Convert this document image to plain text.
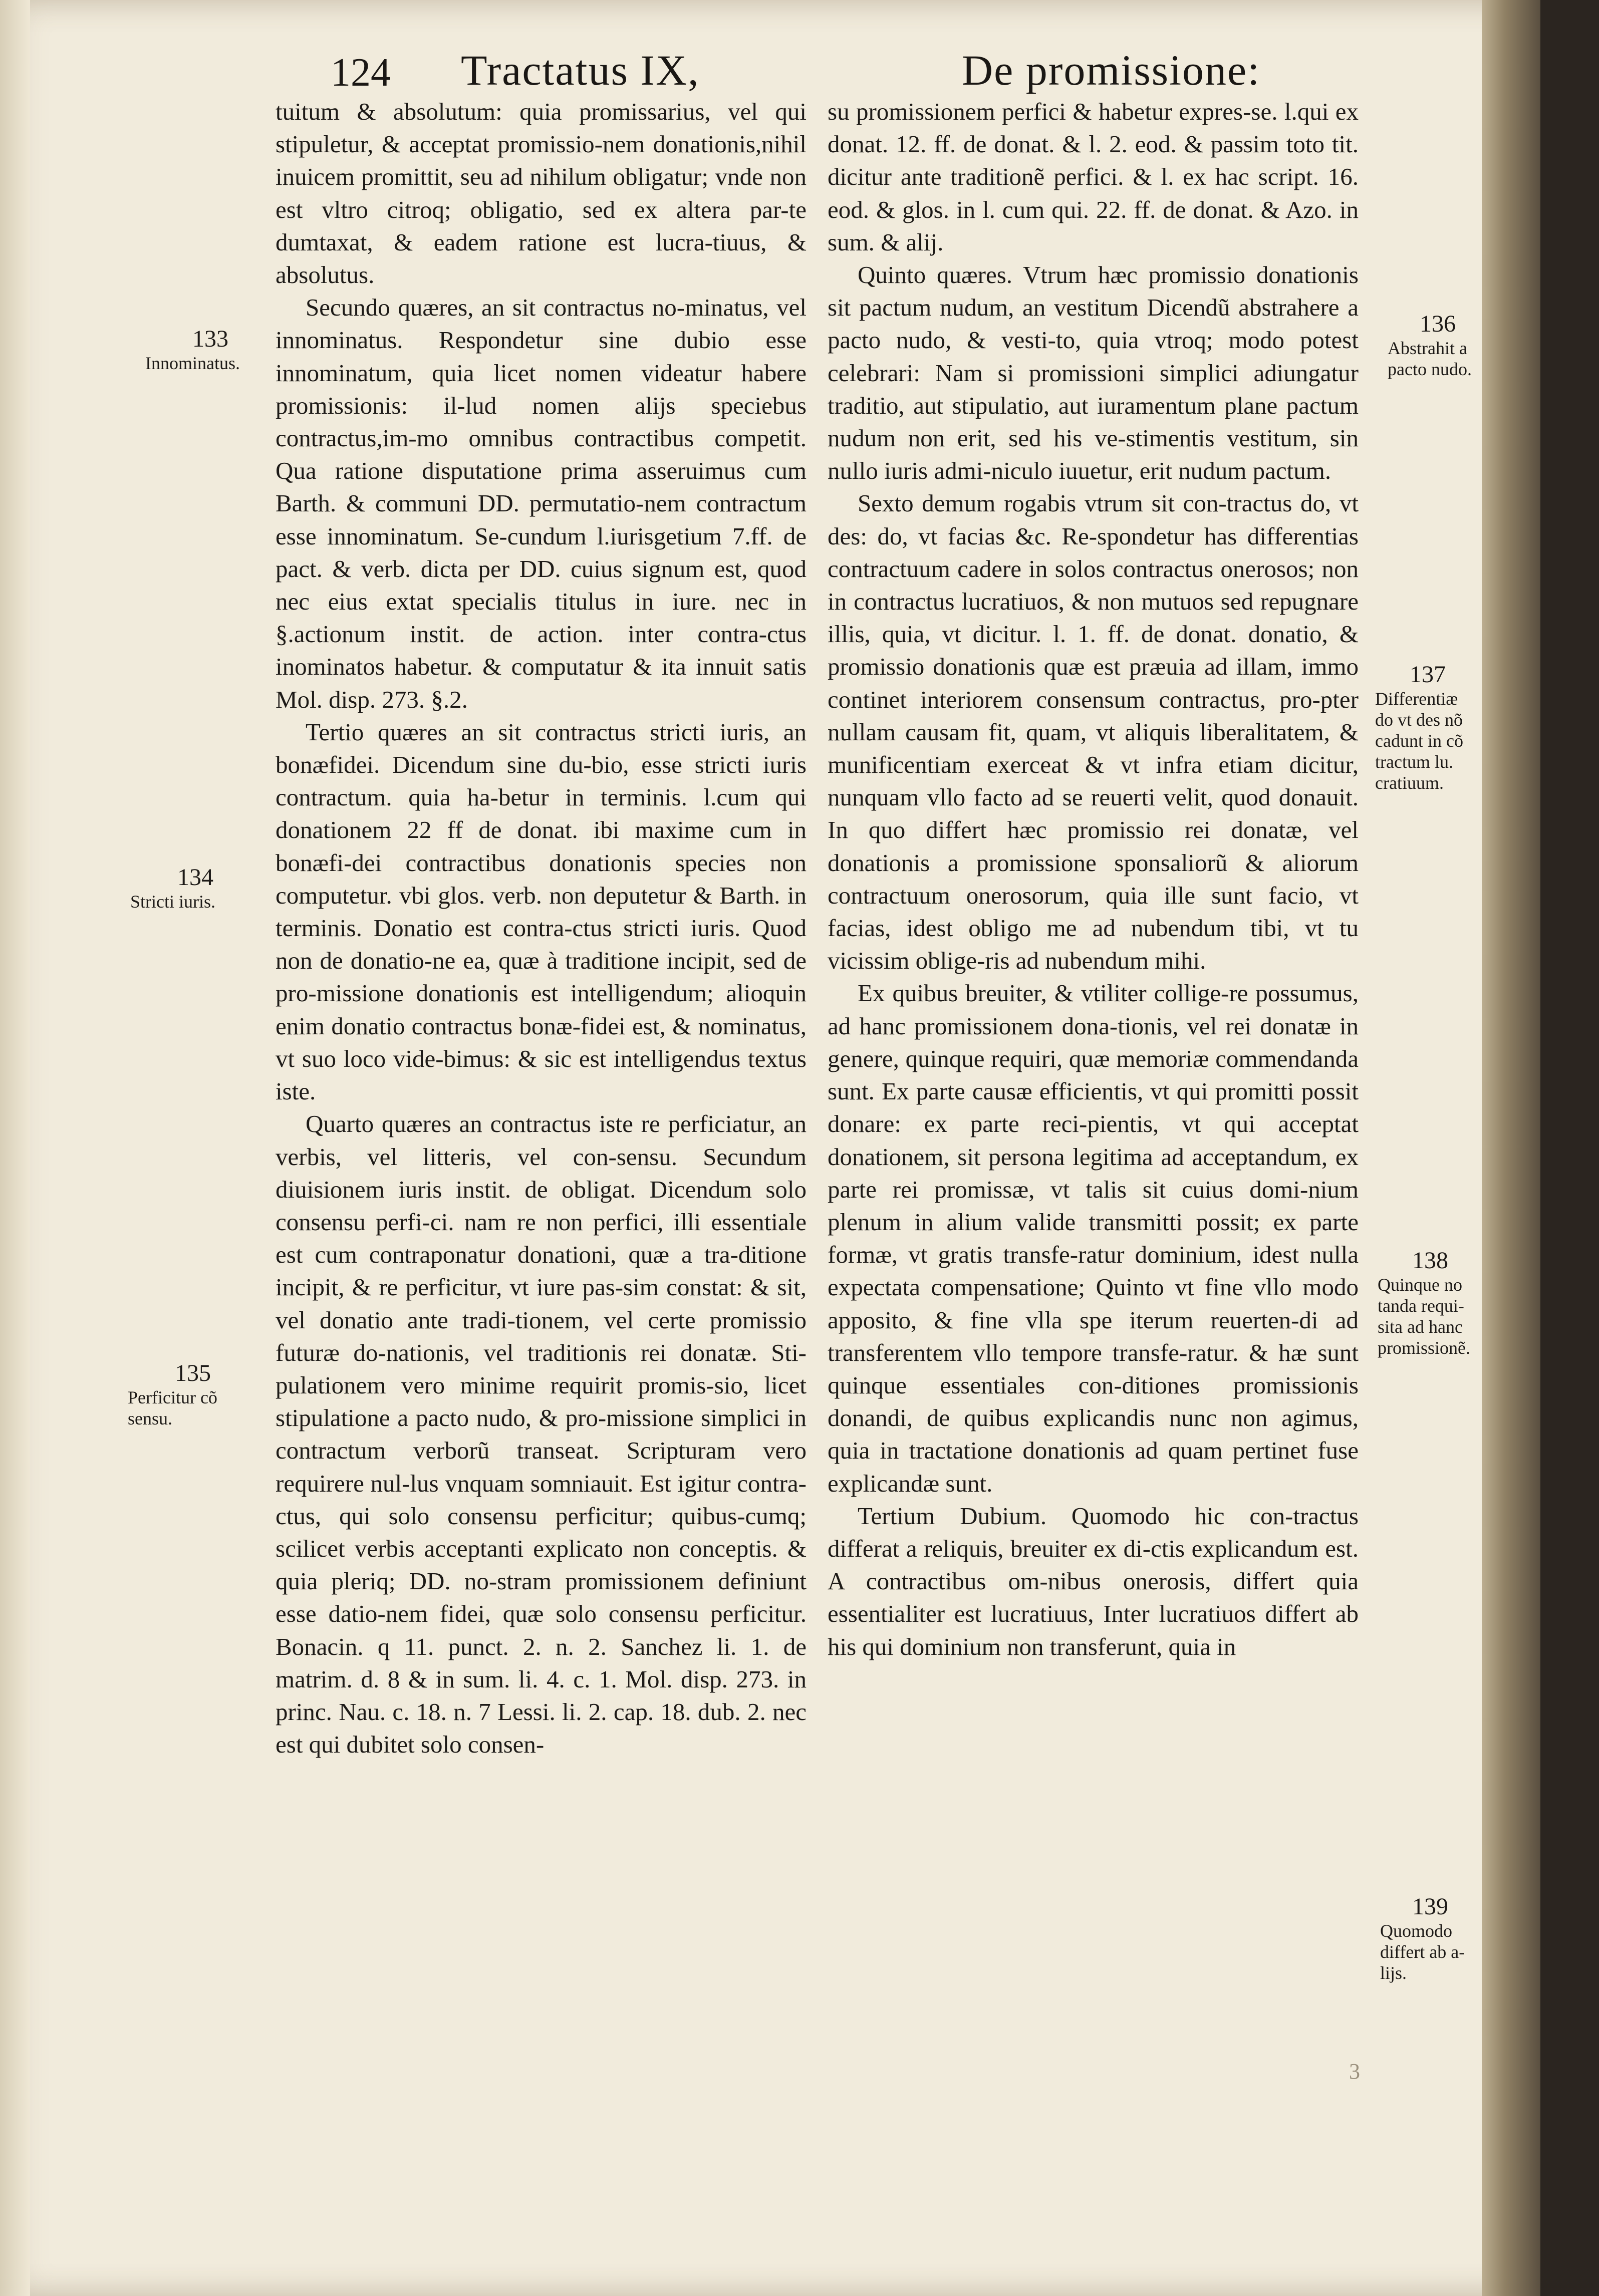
124 Tractatus IX,	De promissione:

tuitum & absolutum: quia promissarius, vel qui stipuletur, & acceptat promissio-nem donationis,nihil inuicem promittit, seu ad nihilum obligatur; vnde non est vltro citroq; obligatio, sed ex altera par-te dumtaxat, & eadem ratione est lucra-tiuus, & absolutus.

Secundo quæres, an sit contractus no-minatus, vel innominatus. Respondetur sine dubio esse innominatum, quia licet nomen videatur habere promissionis: il-lud nomen alijs speciebus contractus,im-mo omnibus contractibus competit. Qua ratione disputatione prima asseruimus cum Barth. & communi DD. permutatio-nem contractum esse innominatum. Se-cundum l.iurisgetium 7.ff. de pact. & verb. dicta per DD. cuius signum est, quod nec eius extat specialis titulus in iure. nec in §.actionum instit. de action. inter contra-ctus inominatos habetur. & computatur & ita innuit satis Mol. disp. 273. §.2.

Tertio quæres an sit contractus stricti iuris, an bonæfidei. Dicendum sine du-bio, esse stricti iuris contractum. quia ha-betur in terminis. l.cum qui donationem 22 ff de donat. ibi maxime cum in bonæfi-dei contractibus donationis species non computetur. vbi glos. verb. non deputetur & Barth. in terminis. Donatio est contra-ctus stricti iuris. Quod non de donatio-ne ea, quæ à traditione incipit, sed de pro-missione donationis est intelligendum; alioquin enim donatio contractus bonæ-fidei est, & nominatus, vt suo loco vide-bimus: & sic est intelligendus textus iste.

Quarto quæres an contractus iste re perficiatur, an verbis, vel litteris, vel con-sensu. Secundum diuisionem iuris instit. de obligat. Dicendum solo consensu perfi-ci. nam re non perfici, illi essentiale est cum contraponatur donationi, quæ a tra-ditione incipit, & re perficitur, vt iure pas-sim constat: & sit, vel donatio ante tradi-tionem, vel certe promissio futuræ do-nationis, vel traditionis rei donatæ. Sti-pulationem vero minime requirit promis-sio, licet stipulatione a pacto nudo, & pro-missione simplici in contractum verborũ transeat. Scripturam vero requirere nul-lus vnquam somniauit. Est igitur contra-ctus, qui solo consensu perficitur; quibus-cumq; scilicet verbis acceptanti explicato non conceptis. & quia pleriq; DD. no-stram promissionem definiunt esse datio-nem fidei, quæ solo consensu perficitur. Bonacin. q 11. punct. 2. n. 2. Sanchez li. 1. de matrim. d. 8 & in sum. li. 4. c. 1. Mol. disp. 273. in princ. Nau. c. 18. n. 7 Lessi. li. 2. cap. 18. dub. 2. nec est qui dubitet solo consen-

su promissionem perfici & habetur expres-se. l.qui ex donat. 12. ff. de donat. & l. 2. eod. & passim toto tit. dicitur ante traditionẽ perfici. & l. ex hac script. 16. eod. & glos. in l. cum qui. 22. ff. de donat. & Azo. in sum. & alij.

Quinto quæres. Vtrum hæc promissio donationis sit pactum nudum, an vestitum Dicendũ abstrahere a pacto nudo, & vesti-to, quia vtroq; modo potest celebrari: Nam si promissioni simplici adiungatur traditio, aut stipulatio, aut iuramentum plane pactum nudum non erit, sed his ve-stimentis vestitum, sin nullo iuris admi-niculo iuuetur, erit nudum pactum.

Sexto demum rogabis vtrum sit con-tractus do, vt des: do, vt facias &c. Re-spondetur has differentias contractuum cadere in solos contractus onerosos; non in contractus lucratiuos, & non mutuos sed repugnare illis, quia, vt dicitur. l. 1. ff. de donat. donatio, & promissio donationis quæ est præuia ad illam, immo continet interiorem consensum contractus, pro-pter nullam causam fit, quam, vt aliquis liberalitatem, & munificentiam exerceat & vt infra etiam dicitur, nunquam vllo facto ad se reuerti velit, quod donauit. In quo differt hæc promissio rei donatæ, vel donationis a promissione sponsaliorũ & aliorum contractuum onerosorum, quia ille sunt facio, vt facias, idest obligo me ad nubendum tibi, vt tu vicissim oblige-ris ad nubendum mihi.

Ex quibus breuiter, & vtiliter collige-re possumus, ad hanc promissionem dona-tionis, vel rei donatæ in genere, quinque requiri, quæ memoriæ commendanda sunt. Ex parte causæ efficientis, vt qui promitti possit donare: ex parte reci-pientis, vt qui acceptat donationem, sit persona legitima ad acceptandum, ex parte rei promissæ, vt talis sit cuius domi-nium plenum in alium valide transmitti possit; ex parte formæ, vt gratis transfe-ratur dominium, idest nulla expectata compensatione; Quinto vt fine vllo modo apposito, & fine vlla spe iterum reuerten-di ad transferentem vllo tempore transfe-ratur. & hæ sunt quinque essentiales con-ditiones promissionis donandi, de quibus explicandis nunc non agimus, quia in tractatione donationis ad quam pertinet fuse explicandæ sunt.

Tertium Dubium. Quomodo hic con-tractus differat a reliquis, breuiter ex di-ctis explicandum est. A contractibus om-nibus onerosis, differt quia essentialiter est lucratiuus, Inter lucratiuos differt ab his qui dominium non transferunt, quia in

133
Innominatus.
134
Stricti iuris.
135
Perficitur cõ sensu.
136
Abstrahit a pacto nudo.
137
Differentiæ do vt des nõ cadunt in cõ tractum lu. cratiuum.
138
Quinque no tanda requi-sita ad hanc promissionẽ.
139
Quomodo differt ab a-lijs.
3
